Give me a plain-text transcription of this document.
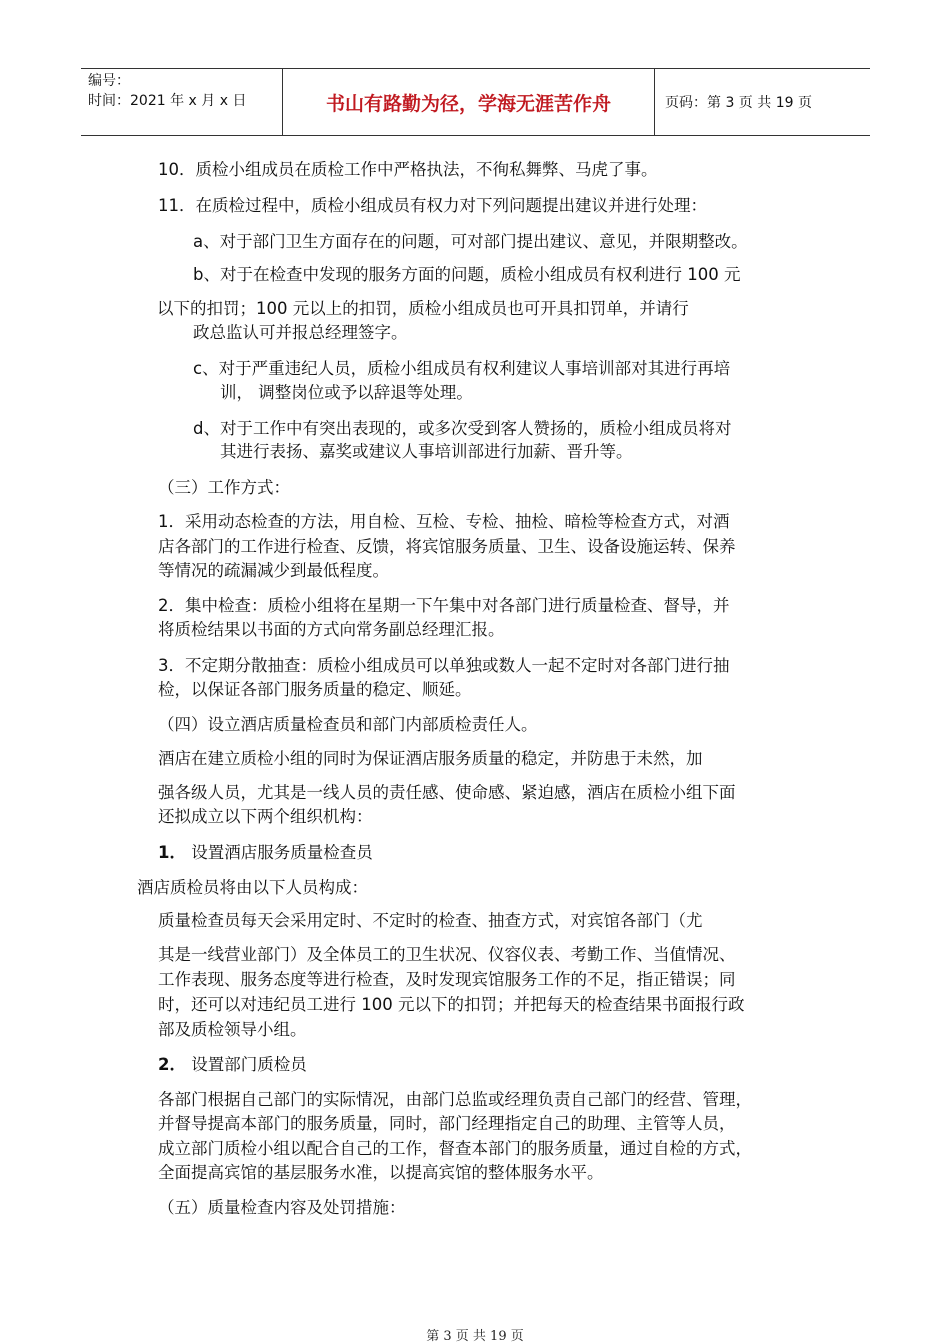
编号：
时间：2021 年 x 月 x 日	书山有路勤为径，学海无涯苦作舟	页码：第 3 页 共 19 页
10．质检小组成员在质检工作中严格执法，不徇私舞弊、马虎了事。
11．在质检过程中，质检小组成员有权力对下列问题提出建议并进行处理：
a、对于部门卫生方面存在的问题，可对部门提出建议、意见，并限期整改。
b、对于在检查中发现的服务方面的问题，质检小组成员有权利进行 100 元
以下的扣罚；100 元以上的扣罚，质检小组成员也可开具扣罚单，并请行
政总监认可并报总经理签字。
c、对于严重违纪人员，质检小组成员有权利建议人事培训部对其进行再培
训， 调整岗位或予以辞退等处理。
d、对于工作中有突出表现的，或多次受到客人赞扬的，质检小组成员将对
其进行表扬、嘉奖或建议人事培训部进行加薪、晋升等。
（三）工作方式：
1．采用动态检查的方法，用自检、互检、专检、抽检、暗检等检查方式，对酒
店各部门的工作进行检查、反馈，将宾馆服务质量、卫生、设备设施运转、保养
等情况的疏漏减少到最低程度。
2．集中检查：质检小组将在星期一下午集中对各部门进行质量检查、督导，并
将质检结果以书面的方式向常务副总经理汇报。
3．不定期分散抽查：质检小组成员可以单独或数人一起不定时对各部门进行抽
检，以保证各部门服务质量的稳定、顺延。
（四）设立酒店质量检查员和部门内部质检责任人。
酒店在建立质检小组的同时为保证酒店服务质量的稳定，并防患于未然，加
强各级人员，尤其是一线人员的责任感、使命感、紧迫感，酒店在质检小组下面
还拟成立以下两个组织机构：
1． 设置酒店服务质量检查员
酒店质检员将由以下人员构成：
质量检查员每天会采用定时、不定时的检查、抽查方式，对宾馆各部门（尤
其是一线营业部门）及全体员工的卫生状况、仪容仪表、考勤工作、当值情况、
工作表现、服务态度等进行检查，及时发现宾馆服务工作的不足，指正错误；同
时，还可以对违纪员工进行 100 元以下的扣罚；并把每天的检查结果书面报行政
部及质检领导小组。
2． 设置部门质检员
各部门根据自己部门的实际情况，由部门总监或经理负责自己部门的经营、管理，
并督导提高本部门的服务质量，同时，部门经理指定自己的助理、主管等人员，
成立部门质检小组以配合自己的工作，督查本部门的服务质量，通过自检的方式，
全面提高宾馆的基层服务水准，以提高宾馆的整体服务水平。
（五）质量检查内容及处罚措施：
第 3 页 共 19 页
